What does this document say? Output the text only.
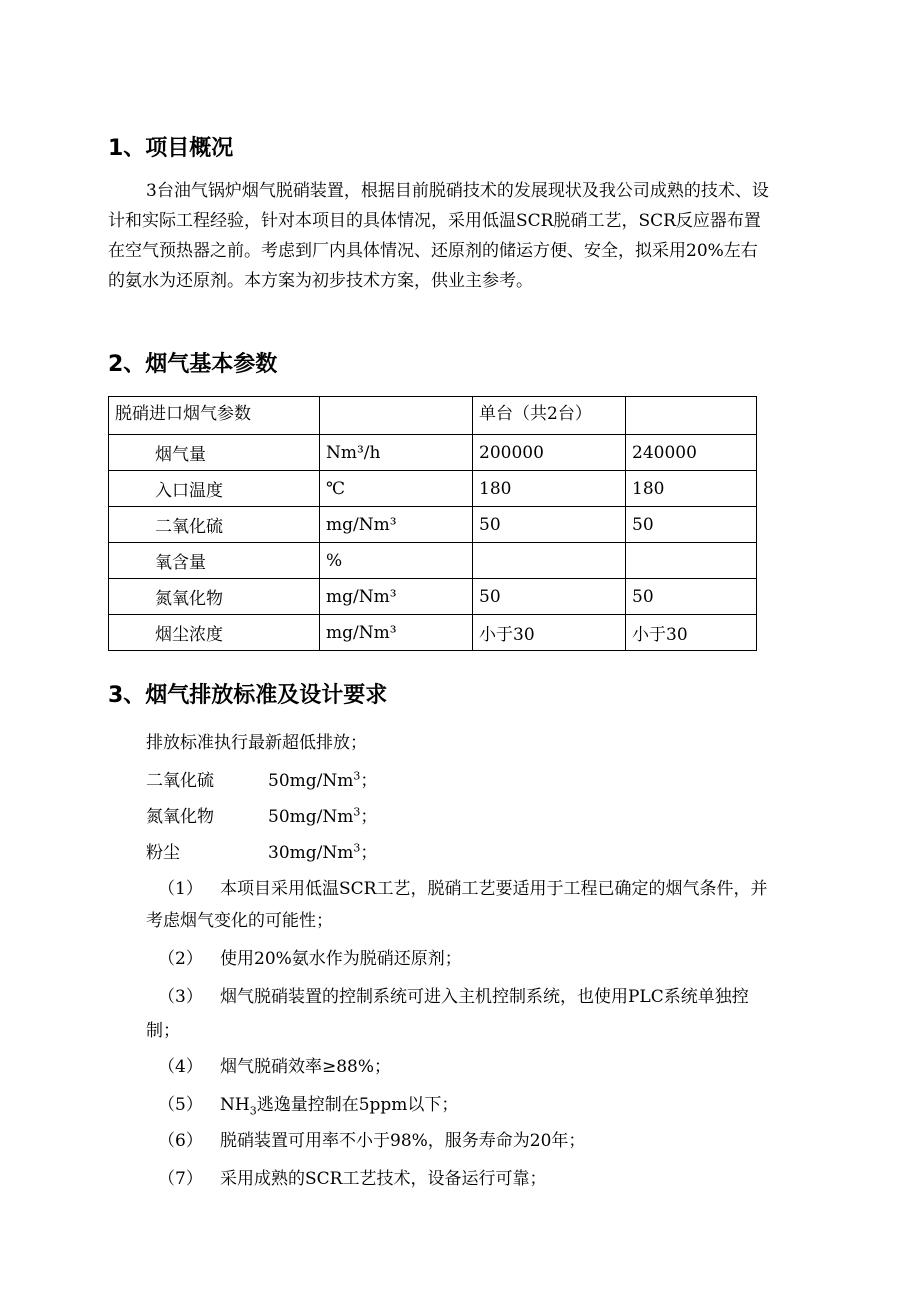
1、项目概况
3台油气锅炉烟气脱硝装置，根据目前脱硝技术的发展现状及我公司成熟的技术、设
计和实际工程经验，针对本项目的具体情况，采用低温SCR脱硝工艺，SCR反应器布置
在空气预热器之前。考虑到厂内具体情况、还原剂的储运方便、安全，拟采用20%左右
的氨水为还原剂。本方案为初步技术方案，供业主参考。
2、烟气基本参数
脱硝进口烟气参数		单台（共2台）	
烟气量	Nm³/h	200000	240000
入口温度	℃	180	180
二氧化硫	mg/Nm³	50	50
氧含量	%		
氮氧化物	mg/Nm³	50	50
烟尘浓度	mg/Nm³	小于30	小于30
3、烟气排放标准及设计要求
排放标准执行最新超低排放；
二氧化硫	50mg/Nm$^3$；
氮氧化物	50mg/Nm$^3$；
粉尘	30mg/Nm$^3$；
（1） 本项目采用低温SCR工艺，脱硝工艺要适用于工程已确定的烟气条件，并
考虑烟气变化的可能性；
（2） 使用20%氨水作为脱硝还原剂；
（3） 烟气脱硝装置的控制系统可进入主机控制系统，也使用PLC系统单独控
制；
（4） 烟气脱硝效率≥88%；
（5） $NH_3$逃逸量控制在5ppm以下；
（6） 脱硝装置可用率不小于98%，服务寿命为20年；
（7） 采用成熟的SCR工艺技术，设备运行可靠；
